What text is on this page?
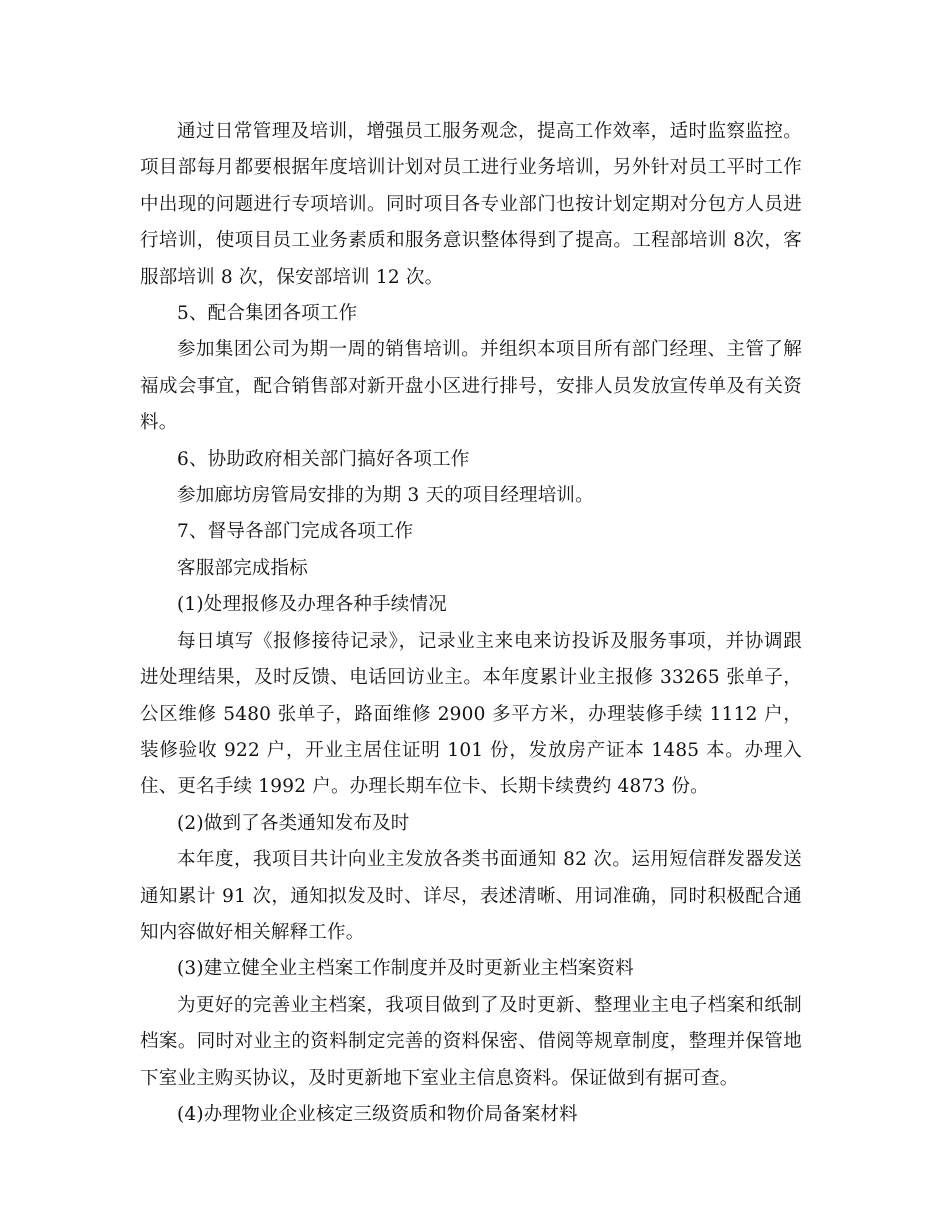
通过日常管理及培训，增强员工服务观念，提高工作效率，适时监察监控。项目部每月都要根据年度培训计划对员工进行业务培训，另外针对员工平时工作中出现的问题进行专项培训。同时项目各专业部门也按计划定期对分包方人员进行培训，使项目员工业务素质和服务意识整体得到了提高。工程部培训 8次，客服部培训 8 次，保安部培训 12 次。

5、配合集团各项工作

参加集团公司为期一周的销售培训。并组织本项目所有部门经理、主管了解福成会事宜，配合销售部对新开盘小区进行排号，安排人员发放宣传单及有关资料。

6、协助政府相关部门搞好各项工作

参加廊坊房管局安排的为期 3 天的项目经理培训。

7、督导各部门完成各项工作

客服部完成指标

(1)处理报修及办理各种手续情况

每日填写《报修接待记录》，记录业主来电来访投诉及服务事项，并协调跟进处理结果，及时反馈、电话回访业主。本年度累计业主报修 33265 张单子，公区维修 5480 张单子，路面维修 2900 多平方米，办理装修手续 1112 户，装修验收 922 户，开业主居住证明 101 份，发放房产证本 1485 本。办理入住、更名手续 1992 户。办理长期车位卡、长期卡续费约 4873 份。

(2)做到了各类通知发布及时

本年度，我项目共计向业主发放各类书面通知 82 次。运用短信群发器发送通知累计 91 次，通知拟发及时、详尽，表述清晰、用词准确，同时积极配合通知内容做好相关解释工作。

(3)建立健全业主档案工作制度并及时更新业主档案资料

为更好的完善业主档案，我项目做到了及时更新、整理业主电子档案和纸制档案。同时对业主的资料制定完善的资料保密、借阅等规章制度，整理并保管地下室业主购买协议，及时更新地下室业主信息资料。保证做到有据可查。

(4)办理物业企业核定三级资质和物价局备案材料
